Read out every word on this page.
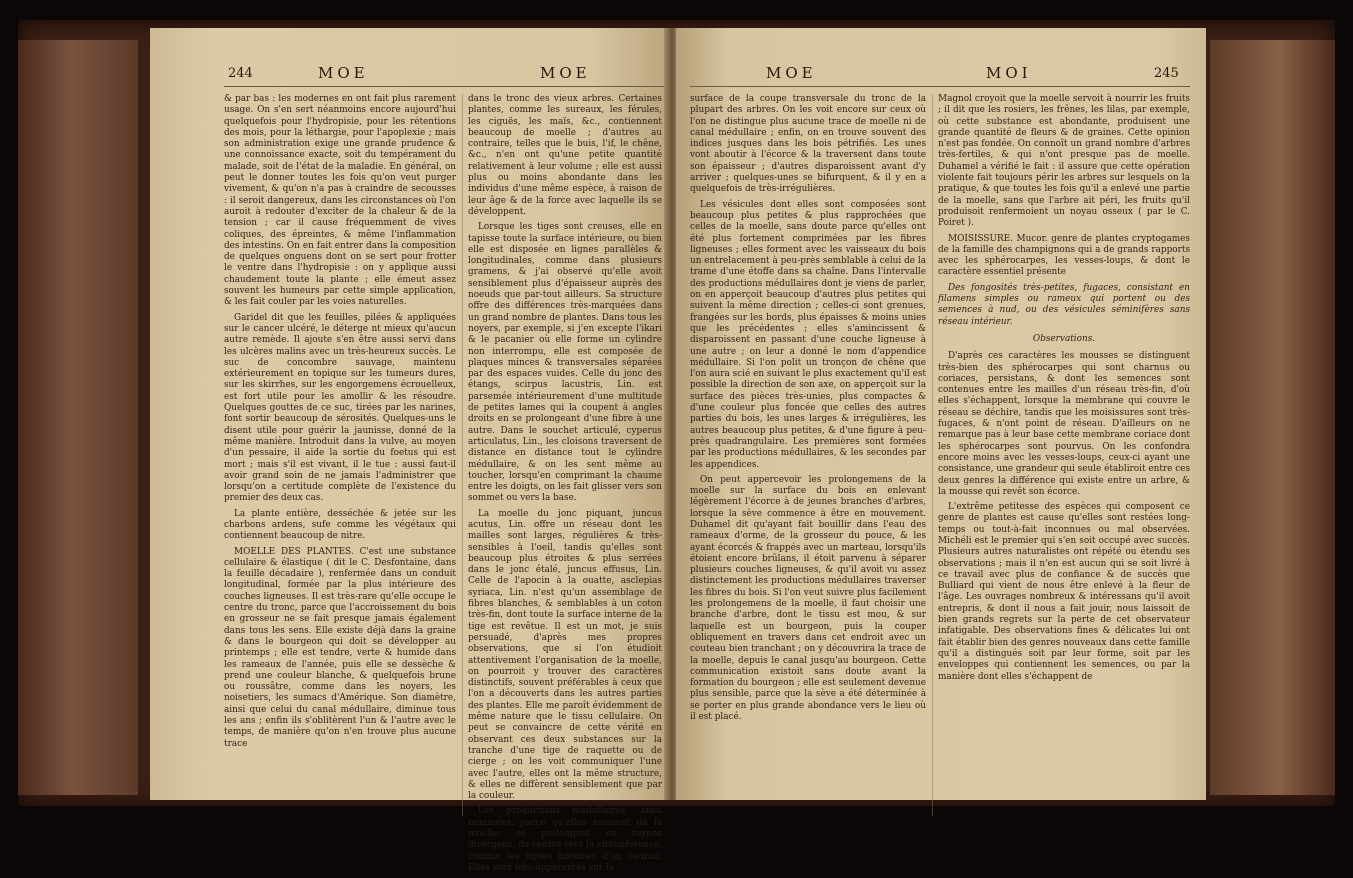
244	MOE	MOE

& par bas : les modernes en ont fait plus rarement usage. On s'en sert néanmoins encore aujourd'hui quelquefois pour l'hydropisie, pour les rétentions des mois, pour la léthargie, pour l'apoplexie ; mais son administration exige une grande prudence & une connoissance exacte, soit du tempérament du malade, soit de l'état de la maladie. En général, on peut le donner toutes les fois qu'on veut purger vivement, & qu'on n'a pas à craindre de secousses : il seroit dangereux, dans les circonstances où l'on auroit à redouter d'exciter de la chaleur & de la tension ; car il cause fréquemment de vives coliques, des épreintes, & même l'inflammation des intestins. On en fait entrer dans la composition de quelques onguens dont on se sert pour frotter le ventre dans l'hydropisie : on y applique aussi chaudement toute la plante ; elle émeut assez souvent les humeurs par cette simple application, & les fait couler par les voies naturelles.

Garidel dit que les feuilles, pilées & appliquées sur le cancer ulcéré, le déterge nt mieux qu'aucun autre remède. Il ajoute s'en être aussi servi dans les ulcères malins avec un très-heureux succès. Le suc de concombre sauvage, maintenu extérieurement en topique sur les tumeurs dures, sur les skirrhes, sur les engorgemens écrouelleux, est fort utile pour les amollir & les résoudre. Quelques gouttes de ce suc, tirées par les narines, font sortir beaucoup de sérosités. Quelques-uns le disent utile pour guérir la jaunisse, donné de la même manière. Introduit dans la vulve, au moyen d'un pessaire, il aide la sortie du foetus qui est mort ; mais s'il est vivant, il le tue : aussi faut-il avoir grand soin de ne jamais l'administrer que lorsqu'on a certitude complète de l'existence du premier des deux cas.

La plante entière, desséchée & jetée sur les charbons ardens, sufe comme les végétaux qui contiennent beaucoup de nitre.

MOELLE DES PLANTES. C'est une substance cellulaire & élastique ( dit le C. Desfontaine, dans la feuille décadaire ), renfermée dans un conduit longitudinal, formée par la plus intérieure des couches ligneuses. Il est très-rare qu'elle occupe le centre du tronc, parce que l'accroissement du bois en grosseur ne se fait presque jamais également dans tous les sens. Elle existe déjà dans la graine & dans le bourgeon qui doit se développer au printemps ; elle est tendre, verte & humide dans les rameaux de l'année, puis elle se dessèche & prend une couleur blanche, & quelquefois brune ou roussâtre, comme dans les noyers, les noisetiers, les sumacs d'Amérique. Son diamètre, ainsi que celui du canal médullaire, diminue tous les ans ; enfin ils s'oblitèrent l'un & l'autre avec le temps, de manière qu'on n'en trouve plus aucune trace

dans le tronc des vieux arbres. Certaines plantes, comme les sureaux, les férules, les ciguës, les maïs, &c., contiennent beaucoup de moelle ; d'autres au contraire, telles que le buis, l'if, le chêne, &c., n'en ont qu'une petite quantité relativement à leur volume ; elle est aussi plus ou moins abondante dans les individus d'une même espèce, à raison de leur âge & de la force avec laquelle ils se développent.

Lorsque les tiges sont creuses, elle en tapisse toute la surface intérieure, ou bien elle est disposée en lignes parallèles & longitudinales, comme dans plusieurs gramens, & j'ai observé qu'elle avoit sensiblement plus d'épaisseur auprès des noeuds que par-tout ailleurs. Sa structure offre des différences très-marquées dans un grand nombre de plantes. Dans tous les noyers, par exemple, si j'en excepte l'ikari & le pacanier où elle forme un cylindre non interrompu, elle est composée de plaques minces & transversales séparées par des espaces vuides. Celle du jonc des étangs, scirpus lacustris, Lin. est parsemée intérieurement d'une multitude de petites lames qui la coupent à angles droits en se prolongeant d'une fibre à une autre. Dans le souchet articulé, cyperus articulatus, Lin., les cloisons traversent de distance en distance tout le cylindre médullaire, & on les sent même au toucher, lorsqu'en comprimant la chaume entre les doigts, on les fait glisser vers son sommet ou vers la base.

La moelle du jonc piquant, juncus acutus, Lin. offre un réseau dont les mailles sont larges, régulières & très-sensibles à l'oeil, tandis qu'elles sont beaucoup plus étroites & plus serrées dans le jonc étalé, juncus effusus, Lin. Celle de l'apocin à la ouatte, asclepias syriaca, Lin. n'est qu'un assemblage de fibres blanches, & semblables à un coton très-fin, dont toute la surface interne de la tige est revêtue. Il est un mot, je suis persuadé, d'après mes propres observations, que si l'on étudioit attentivement l'organisation de la moelle, on pourroit y trouver des caractères distinctifs, souvent préférables à ceux que l'on a découverts dans les autres parties des plantes. Elle me paroît évidemment de même nature que le tissu cellulaire. On peut se convaincre de cette vérité en observant ces deux substances sur la tranche d'une tige de raquette ou de cierge ; on les voit communiquer l'une avec l'autre, elles ont la même structure, & elles ne diffèrent sensiblement que par la couleur.

Les productions médullaires, ainsi nommées, parce qu'elles naissent de la moelle, se prolongent en rayons divergens, du centre vers la circonférence, comme les lignes horaires d'un cadran. Elles sont très-apparentes sur la

MOE	MOI	245

surface de la coupe transversale du tronc de la plupart des arbres. On les voit encore sur ceux où l'on ne distingue plus aucune trace de moelle ni de canal médullaire ; enfin, on en trouve souvent des indices jusques dans les bois pétrifiés. Les unes vont aboutir à l'écorce & la traversent dans toute son épaisseur ; d'autres disparoissent avant d'y arriver ; quelques-unes se bifurquent, & il y en a quelquefois de très-irrégulières.

Les vésicules dont elles sont composées sont beaucoup plus petites & plus rapprochées que celles de la moelle, sans doute parce qu'elles ont été plus fortement comprimées par les fibres ligneuses ; elles forment avec les vaisseaux du bois un entrelacement à peu-près semblable à celui de la trame d'une étoffe dans sa chaîne. Dans l'intervalle des productions médullaires dont je viens de parler, on en apperçoit beaucoup d'autres plus petites qui suivent la même direction ; celles-ci sont grenues, frangées sur les bords, plus épaisses & moins unies que les précédentes ; elles s'amincissent & disparoissent en passant d'une couche ligneuse à une autre ; on leur a donné le nom d'appendice médullaire. Si l'on polit un tronçon de chêne que l'on aura scié en suivant le plus exactement qu'il est possible la direction de son axe, on apperçoit sur la surface des pièces très-unies, plus compactes & d'une couleur plus foncée que celles des autres parties du bois, les unes larges & irrégulières, les autres beaucoup plus petites, & d'une figure à peu-près quadrangulaire. Les premières sont formées par les productions médullaires, & les secondes par les appendices.

On peut appercevoir les prolongemens de la moelle sur la surface du bois en enlevant légèrement l'écorce à de jeunes branches d'arbres, lorsque la sève commence à être en mouvement. Duhamel dit qu'ayant fait bouillir dans l'eau des rameaux d'orme, de la grosseur du pouce, & les ayant écorcés & frappés avec un marteau, lorsqu'ils étoient encore brûlans, il étoit parvenu à séparer plusieurs couches ligneuses, & qu'il avoit vu assez distinctement les productions médullaires traverser les fibres du bois. Si l'on veut suivre plus facilement les prolongemens de la moelle, il faut choisir une branche d'arbre, dont le tissu est mou, & sur laquelle est un bourgeon, puis la couper obliquement en travers dans cet endroit avec un couteau bien tranchant ; on y découvrira la trace de la moelle, depuis le canal jusqu'au bourgeon. Cette communication existoit sans doute avant la formation du bourgeon ; elle est seulement devenue plus sensible, parce que la sève a été déterminée à se porter en plus grande abondance vers le lieu où il est placé.

Magnol croyoit que la moelle servoit à nourrir les fruits ; il dit que les rosiers, les frênes, les lilas, par exemple, où cette substance est abondante, produisent une grande quantité de fleurs & de graines. Cette opinion n'est pas fondée. On connoît un grand nombre d'arbres très-fertiles, & qui n'ont presque pas de moelle. Duhamel a vérifié le fait : il assure que cette opération violente fait toujours périr les arbres sur lesquels on la pratique, & que toutes les fois qu'il a enlevé une partie de la moelle, sans que l'arbre ait péri, les fruits qu'il produisoit renfermoient un noyau osseux ( par le C. Poiret ).

MOISISSURE. Mucor. genre de plantes cryptogames de la famille des champignons qui a de grands rapports avec les sphérocarpes, les vesses-loups, & dont le caractère essentiel présente

Des fongosités très-petites, fugaces, consistant en filamens simples ou rameux qui portent ou des semences à nud, ou des vésicules séminifères sans réseau intérieur.

Observations.

D'après ces caractères les mousses se distinguent très-bien des sphérocarpes qui sont charnus ou coriaces, persistans, & dont les semences sont contenues entre les mailles d'un réseau très-fin, d'où elles s'échappent, lorsque la membrane qui couvre le réseau se déchire, tandis que les moisissures sont très-fugaces, & n'ont point de réseau. D'ailleurs on ne remarque pas à leur base cette membrane coriace dont les sphérocarpes sont pourvus. On les confondra encore moins avec les vesses-loups, ceux-ci ayant une consistance, une grandeur qui seule établiroit entre ces deux genres la différence qui existe entre un arbre, & la mousse qui revêt son écorce.

L'extrême petitesse des espèces qui composent ce genre de plantes est cause qu'elles sont restées long-temps ou tout-à-fait inconnues ou mal observées. Michéli est le premier qui s'en soit occupé avec succès. Plusieurs autres naturalistes ont répété ou étendu ses observations ; mais il n'en est aucun qui se soit livré à ce travail avec plus de confiance & de succès que Bulliard qui vient de nous être enlevé à la fleur de l'âge. Les ouvrages nombreux & intéressans qu'il avoit entrepris, & dont il nous a fait jouir, nous laissoit de bien grands regrets sur la perte de cet observateur infatigable. Des observations fines & délicates lui ont fait établir bien des genres nouveaux dans cette famille qu'il a distingués soit par leur forme, soit par les enveloppes qui contiennent les semences, ou par la manière dont elles s'échappent de
